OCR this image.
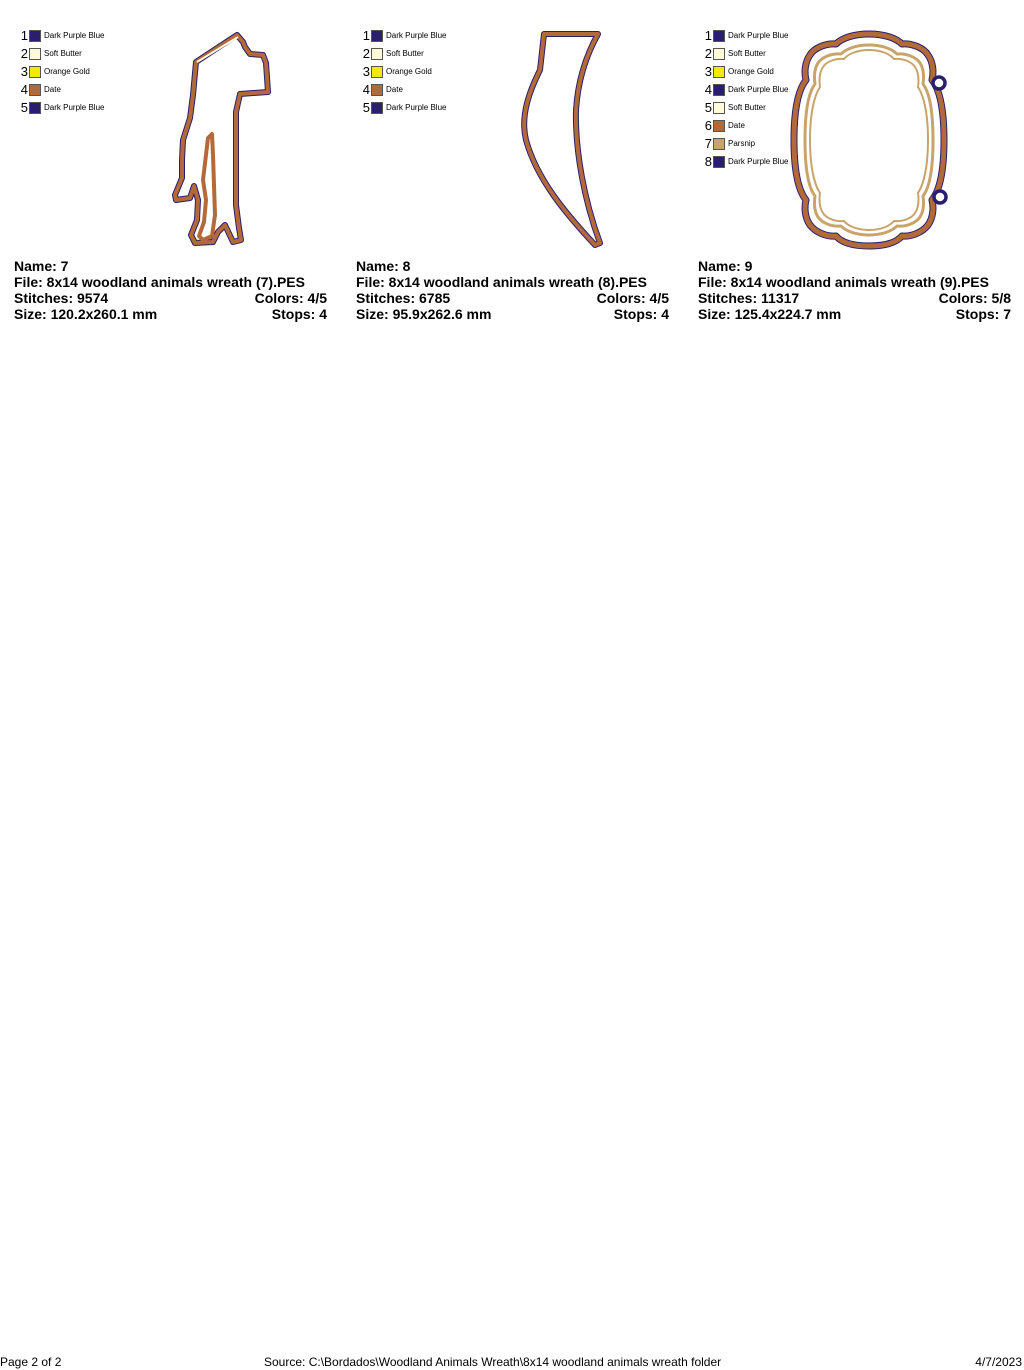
1 Dark Purple Blue
2 Soft Butter
3 Orange Gold
4 Date
5 Dark Purple Blue
Name: 7
File: 8x14 woodland animals wreath (7).PES
Stitches: 9574	Colors: 4/5
Size: 120.2x260.1 mm	Stops: 4
1 Dark Purple Blue
2 Soft Butter
3 Orange Gold
4 Date
5 Dark Purple Blue
Name: 8
File: 8x14 woodland animals wreath (8).PES
Stitches: 6785	Colors: 4/5
Size: 95.9x262.6 mm	Stops: 4
1 Dark Purple Blue
2 Soft Butter
3 Orange Gold
4 Dark Purple Blue
5 Soft Butter
6 Date
7 Parsnip
8 Dark Purple Blue
Name: 9
File: 8x14 woodland animals wreath (9).PES
Stitches: 11317	Colors: 5/8
Size: 125.4x224.7 mm	Stops: 7
Page 2 of 2	Source: C:\Bordados\Woodland Animals Wreath\8x14 woodland animals wreath folder	4/7/2023
